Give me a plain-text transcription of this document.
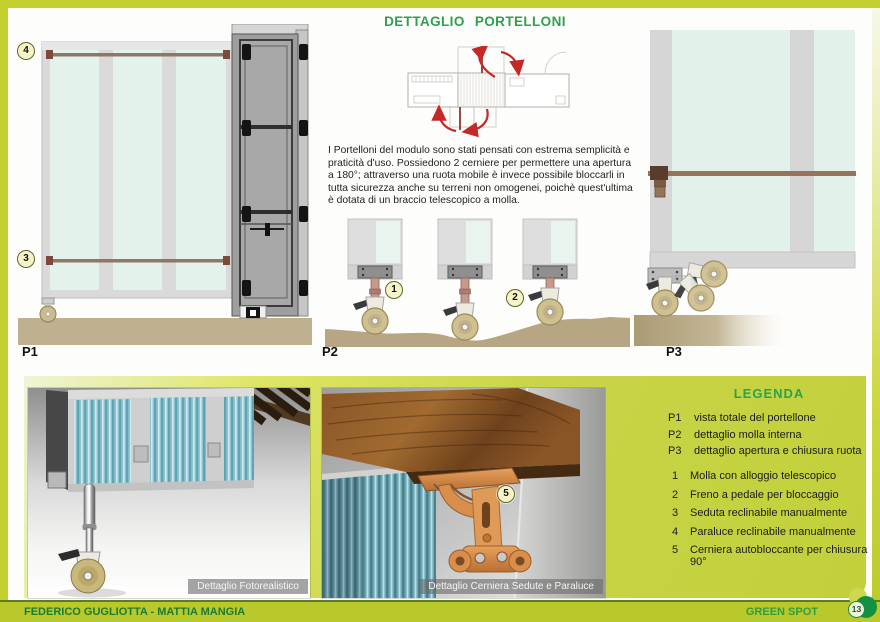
DETTAGLIO PORTELLONI
I Portelloni del modulo sono stati pensati con estrema semplicità e praticità d'uso. Possiedono 2 cerniere per permettere una apertura a 180°; attraverso una ruota mobile è invece possibile bloccarli in tutta sicurezza anche su terreni non omogenei, poichè quest'ultima è dotata di un braccio telescopico a molla.
4
3
P1
1
2
P2	P3
Dettaglio Fotorealistico	Dettaglio Cerniera Sedute e Paraluce
5
LEGENDA
P1	vista totale del portellone
P2	dettaglio molla interna
P3	dettaglio apertura e chiusura ruota
1	Molla con alloggio telescopico
2	Freno a pedale per bloccaggio
3	Seduta reclinabile manualmente
4	Paraluce reclinabile manualmente
5	Cerniera autobloccante per chiusura 90°
FEDERICO GUGLIOTTA - MATTIA MANGIA	GREEN SPOT	13
